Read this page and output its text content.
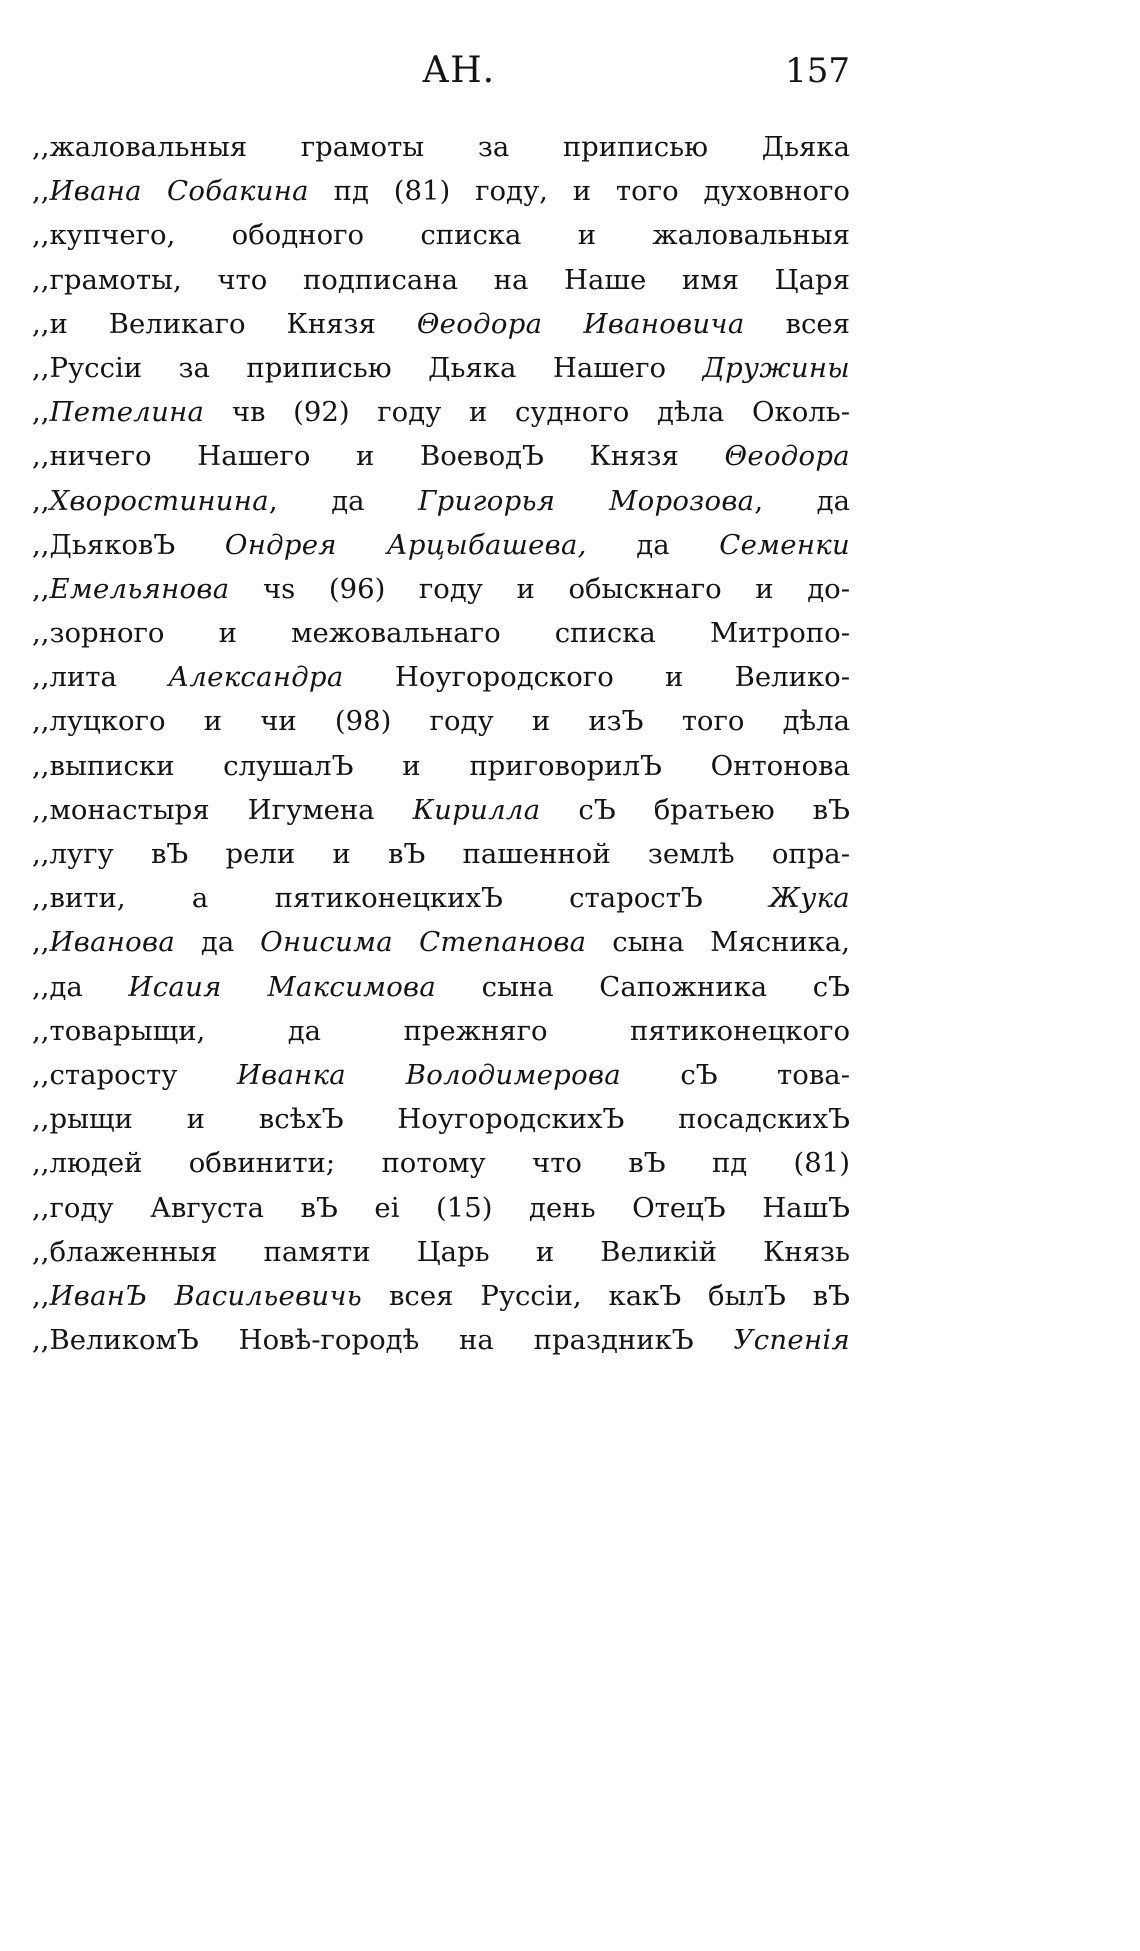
АН.	157
,,жаловальныя грамоты за приписью Дьяка
,,Ивана Собакина пд (81) году, и того духовного
,,купчего, ободного списка и жаловальныя
,,грамоты, что подписана на Наше имя Царя
,,и Великаго Князя Θеодора Ивановича всея
,,Руссіи за приписью Дьяка Нашего Дружины
,,Петелина чв (92) году и судного дѣла Околь-
,,ничего Нашего и ВоеводЪ Князя Θеодора
,,Хворостинина, да Григорья Морозова, да
,,ДьяковЪ Ондрея Арцыбашева, да Семенки
,,Емельянова чѕ (96) году и обыскнаго и до-
,,зорного и межовальнаго списка Митропо-
,,лита Александра Ноугородского и Велико-
,,луцкого и чи (98) году и изЪ того дѣла
,,выписки слушалЪ и приговорилЪ Онтонова
,,монастыря Игумена Кирилла сЪ братьею вЪ
,,лугу вЪ рели и вЪ пашенной землѣ опра-
,,вити, а пятиконецкихЪ старостЪ Жука
,,Иванова да Онисима Степанова сына Мясника,
,,да Исаия Максимова сына Сапожника сЪ
,,товарыщи, да прежняго пятиконецкого
,,старосту Иванка Володимерова сЪ това-
,,рыщи и всѣхЪ НоугородскихЪ посадскихЪ
,,людей обвинити; потому что вЪ пд (81)
,,году Августа вЪ еі (15) день ОтецЪ НашЪ
,,блаженныя памяти Царь и Великій Князь
,,ИванЪ Васильевичь всея Руссіи, какЪ былЪ вЪ
,,ВеликомЪ Новѣ-городѣ на праздникЪ Успенія
